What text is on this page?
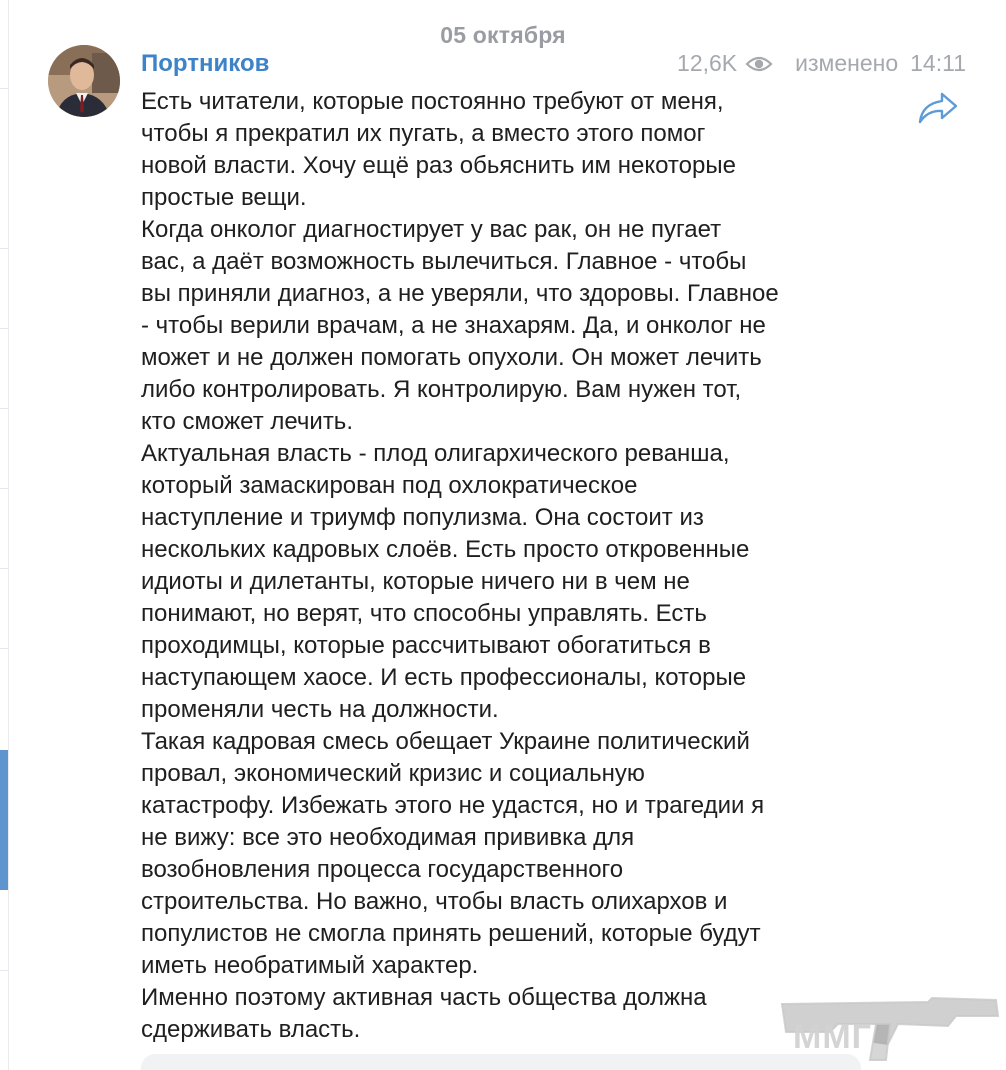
05 октября
Портников	12,6K	изменено 14:11

Есть читатели, которые постоянно требуют от меня,
чтобы я прекратил их пугать, а вместо этого помог
новой власти. Хочу ещё раз обьяснить им некоторые
простые вещи.

Когда онколог диагностирует у вас рак, он не пугает
вас, а даёт возможность вылечиться. Главное - чтобы
вы приняли диагноз, а не уверяли, что здоровы. Главное
- чтобы верили врачам, а не знахарям. Да, и онколог не
может и не должен помогать опухоли. Он может лечить
либо контролировать. Я контролирую. Вам нужен тот,
кто сможет лечить.

Актуальная власть - плод олигархического реванша,
который замаскирован под охлократическое
наступление и триумф популизма. Она состоит из
нескольких кадровых слоёв. Есть просто откровенные
идиоты и дилетанты, которые ничего ни в чем не
понимают, но верят, что способны управлять. Есть
проходимцы, которые рассчитывают обогатиться в
наступающем хаосе. И есть профессионалы, которые
променяли честь на должности.

Такая кадровая смесь обещает Украине политический
провал, экономический кризис и социальную
катастрофу. Избежать этого не удастся, но и трагедии я
не вижу: все это необходимая прививка для
возобновления процесса государственного
строительства. Но важно, чтобы власть олихархов и
популистов не смогла принять решений, которые будут
иметь необратимый характер.

Именно поэтому активная часть общества должна
сдерживать власть.	ММГ
